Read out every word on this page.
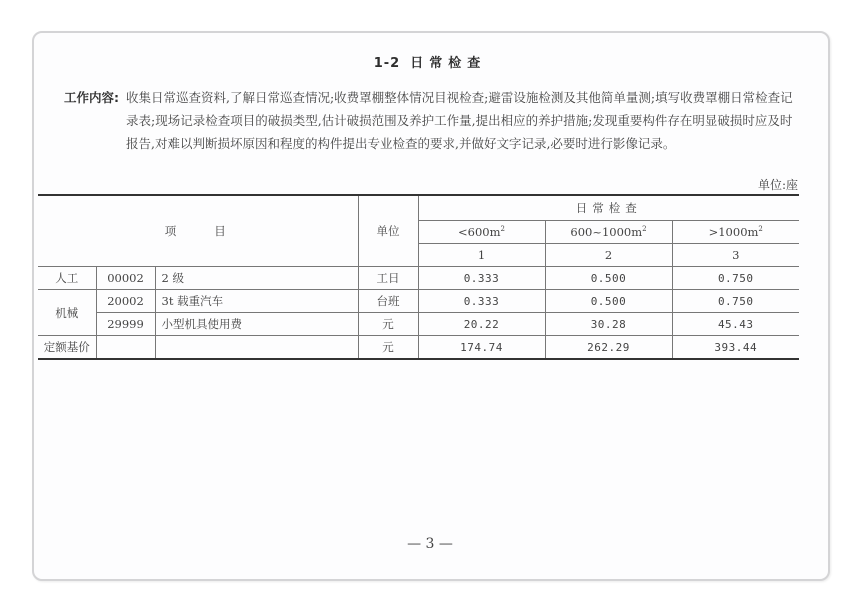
1-2 日常检查
工作内容: 收集日常巡查资料,了解日常巡查情况;收费罩棚整体情况目视检查;避雷设施检测及其他简单量测;填写收费罩棚日常检查记录表;现场记录检查项目的破损类型,估计破损范围及养护工作量,提出相应的养护措施;发现重要构件存在明显破损时应及时报告,对难以判断损坏原因和程度的构件提出专业检查的要求,并做好文字记录,必要时进行影像记录。
单位:座
项　　目			单位	日常检查		
				$<600m^2$	$600\sim 1000m^2$	$>1000m^2$
				1	2	3
人工	00002	2 级	工日	0.333	0.500	0.750
机械	20002	3t 载重汽车	台班	0.333	0.500	0.750
	29999	小型机具使用费	元	20.22	30.28	45.43
定额基价			元	174.74	262.29	393.44
— 3 —
